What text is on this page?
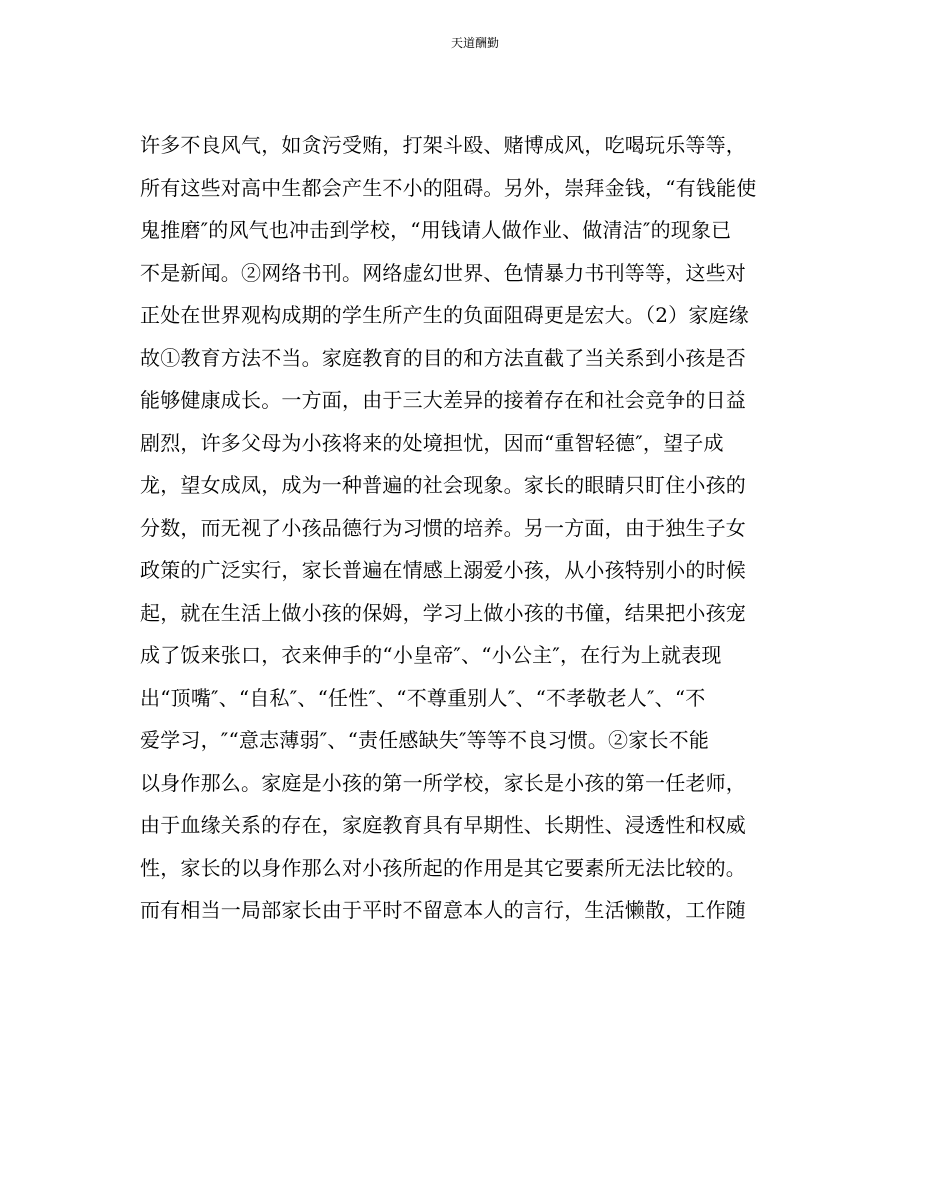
天道酬勤
许多不良风气，如贪污受贿，打架斗殴、赌博成风，吃喝玩乐等等，
所有这些对高中生都会产生不小的阻碍。另外，崇拜金钱，“有钱能使
鬼推磨″的风气也冲击到学校，“用钱请人做作业、做清洁″的现象已
不是新闻。②网络书刊。网络虚幻世界、色情暴力书刊等等，这些对
正处在世界观构成期的学生所产生的负面阻碍更是宏大。（2）家庭缘
故①教育方法不当。家庭教育的目的和方法直截了当关系到小孩是否
能够健康成长。一方面，由于三大差异的接着存在和社会竞争的日益
剧烈，许多父母为小孩将来的处境担忧，因而“重智轻德″，望子成
龙，望女成凤，成为一种普遍的社会现象。家长的眼睛只盯住小孩的
分数，而无视了小孩品德行为习惯的培养。另一方面，由于独生子女
政策的广泛实行，家长普遍在情感上溺爱小孩，从小孩特别小的时候
起，就在生活上做小孩的保姆，学习上做小孩的书僮，结果把小孩宠
成了饭来张口，衣来伸手的“小皇帝″、“小公主″，在行为上就表现
出“顶嘴″、“自私″、“任性″、“不尊重别人″、“不孝敬老人″、“不
爱学习，″“意志薄弱″、“责任感缺失″等等不良习惯。②家长不能
以身作那么。家庭是小孩的第一所学校，家长是小孩的第一任老师，
由于血缘关系的存在，家庭教育具有早期性、长期性、浸透性和权威
性，家长的以身作那么对小孩所起的作用是其它要素所无法比较的。
而有相当一局部家长由于平时不留意本人的言行，生活懒散，工作随
